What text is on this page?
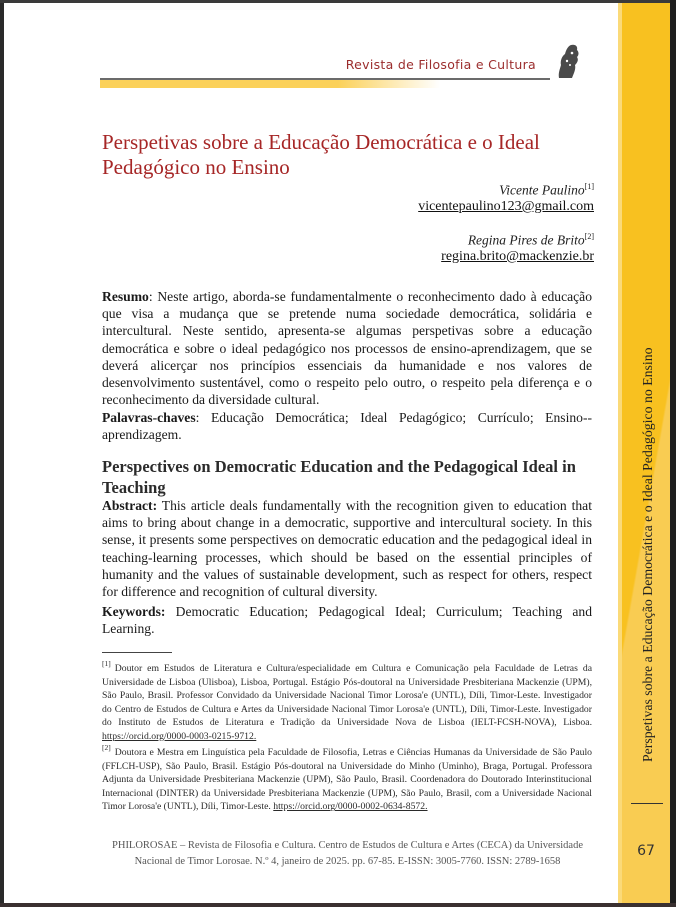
Revista de Filosofia e Cultura
Perspetivas sobre a Educação Democrática e o Ideal Pedagógico no Ensino
Vicente Paulino[1]
vicentepaulino123@gmail.com
Regina Pires de Brito[2]
regina.brito@mackenzie.br
Resumo: Neste artigo, aborda-se fundamentalmente o reconhecimento dado à educação que visa a mudança que se pretende numa sociedade democrática, solidária e intercultural. Neste sentido, apresenta-se algumas perspetivas sobre a educação democrática e sobre o ideal pedagógico nos processos de ensino-aprendizagem, que se deverá alicerçar nos princípios essenciais da humanidade e nos valores de desenvolvimento sustentável, como o respeito pelo outro, o respeito pela diferença e o reconhecimento da diversidade cultural.
Palavras-chaves: Educação Democrática; Ideal Pedagógico; Currículo; Ensino--aprendizagem.
Perspectives on Democratic Education and the Pedagogical Ideal in Teaching
Abstract: This article deals fundamentally with the recognition given to education that aims to bring about change in a democratic, supportive and intercultural society. In this sense, it presents some perspectives on democratic education and the pedagogical ideal in teaching-learning processes, which should be based on the essential principles of humanity and the values of sustainable development, such as respect for others, respect for difference and recognition of cultural diversity.
Keywords: Democratic Education; Pedagogical Ideal; Curriculum; Teaching and Learning.
[1] Doutor em Estudos de Literatura e Cultura/especialidade em Cultura e Comunicação pela Faculdade de Letras da Universidade de Lisboa (Ulisboa), Lisboa, Portugal. Estágio Pós-doutoral na Universidade Presbiteriana Mackenzie (UPM), São Paulo, Brasil. Professor Convidado da Universidade Nacional Timor Lorosa'e (UNTL), Díli, Timor-Leste. Investigador do Centro de Estudos de Cultura e Artes da Universidade Nacional Timor Lorosa'e (UNTL), Díli, Timor-Leste. Investigador do Instituto de Estudos de Literatura e Tradição da Universidade Nova de Lisboa (IELT-FCSH-NOVA), Lisboa. https://orcid.org/0000-0003-0215-9712.
[2] Doutora e Mestra em Linguística pela Faculdade de Filosofia, Letras e Ciências Humanas da Universidade de São Paulo (FFLCH-USP), São Paulo, Brasil. Estágio Pós-doutoral na Universidade do Minho (Uminho), Braga, Portugal. Professora Adjunta da Universidade Presbiteriana Mackenzie (UPM), São Paulo, Brasil. Coordenadora do Doutorado Interinstitucional Internacional (DINTER) da Universidade Presbiteriana Mackenzie (UPM), São Paulo, Brasil, com a Universidade Nacional Timor Lorosa'e (UNTL), Díli, Timor-Leste. https://orcid.org/0000-0002-0634-8572.
PHILOROSAE – Revista de Filosofia e Cultura. Centro de Estudos de Cultura e Artes (CECA) da Universidade
Nacional de Timor Lorosae. N.º 4, janeiro de 2025. pp. 67-85. E-ISSN: 3005-7760. ISSN: 2789-1658
Perspetivas sobre a Educação Democrática e o Ideal Pedagógico no Ensino
67
